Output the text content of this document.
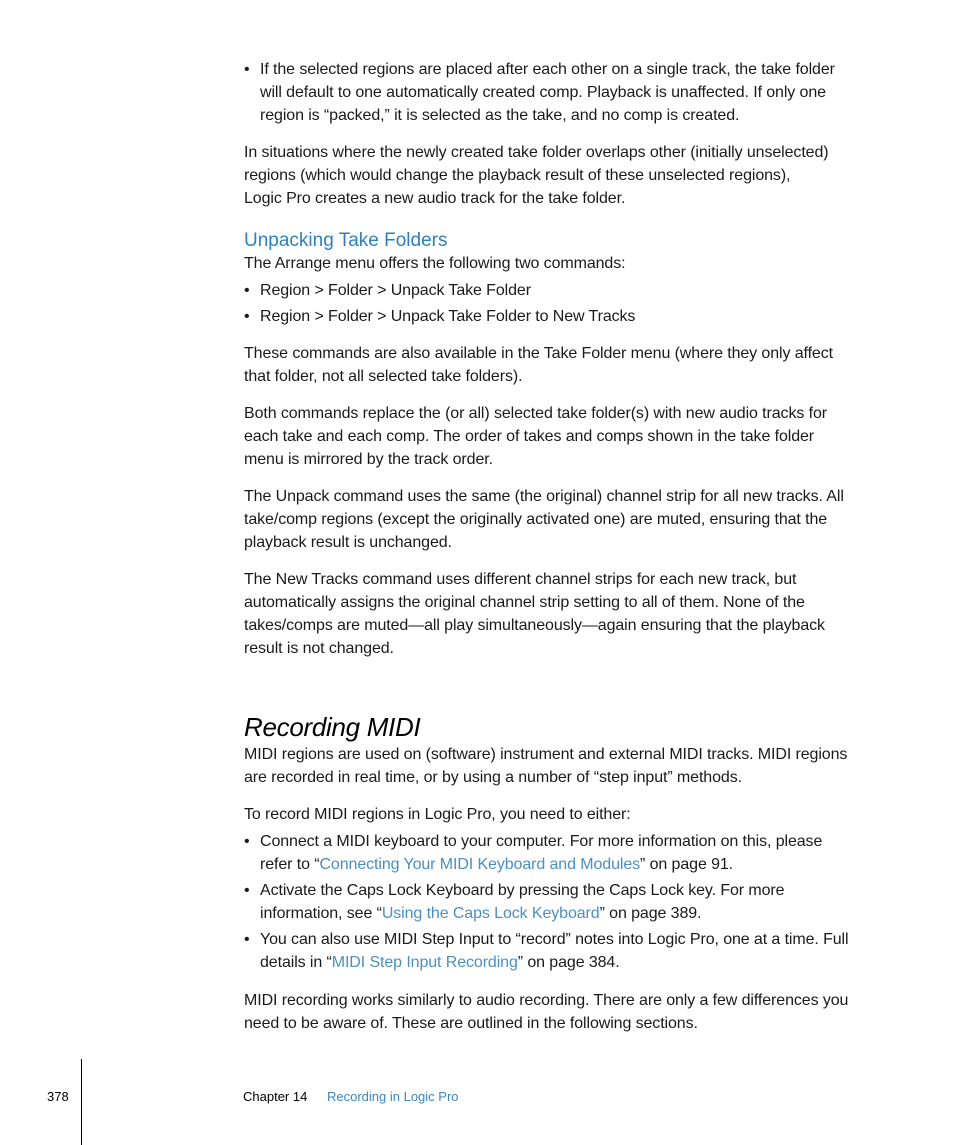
• If the selected regions are placed after each other on a single track, the take folder
will default to one automatically created comp. Playback is unaffected. If only one
region is “packed,” it is selected as the take, and no comp is created.

In situations where the newly created take folder overlaps other (initially unselected)

regions (which would change the playback result of these unselected regions),

Logic Pro creates a new audio track for the take folder.

Unpacking Take Folders

The Arrange menu offers the following two commands:

• Region > Folder > Unpack Take Folder
• Region > Folder > Unpack Take Folder to New Tracks

These commands are also available in the Take Folder menu (where they only affect

that folder, not all selected take folders).

Both commands replace the (or all) selected take folder(s) with new audio tracks for

each take and each comp. The order of takes and comps shown in the take folder

menu is mirrored by the track order.

The Unpack command uses the same (the original) channel strip for all new tracks. All

take/comp regions (except the originally activated one) are muted, ensuring that the

playback result is unchanged.

The New Tracks command uses different channel strips for each new track, but

automatically assigns the original channel strip setting to all of them. None of the

takes/comps are muted—all play simultaneously—again ensuring that the playback

result is not changed.

Recording MIDI

MIDI regions are used on (software) instrument and external MIDI tracks. MIDI regions

are recorded in real time, or by using a number of “step input” methods.

To record MIDI regions in Logic Pro, you need to either:

• Connect a MIDI keyboard to your computer. For more information on this, please
refer to “Connecting Your MIDI Keyboard and Modules” on page 91.
• Activate the Caps Lock Keyboard by pressing the Caps Lock key. For more
information, see “Using the Caps Lock Keyboard” on page 389.
• You can also use MIDI Step Input to “record” notes into Logic Pro, one at a time. Full
details in “MIDI Step Input Recording” on page 384.

MIDI recording works similarly to audio recording. There are only a few differences you

need to be aware of. These are outlined in the following sections.

378	Chapter 14 Recording in Logic Pro
